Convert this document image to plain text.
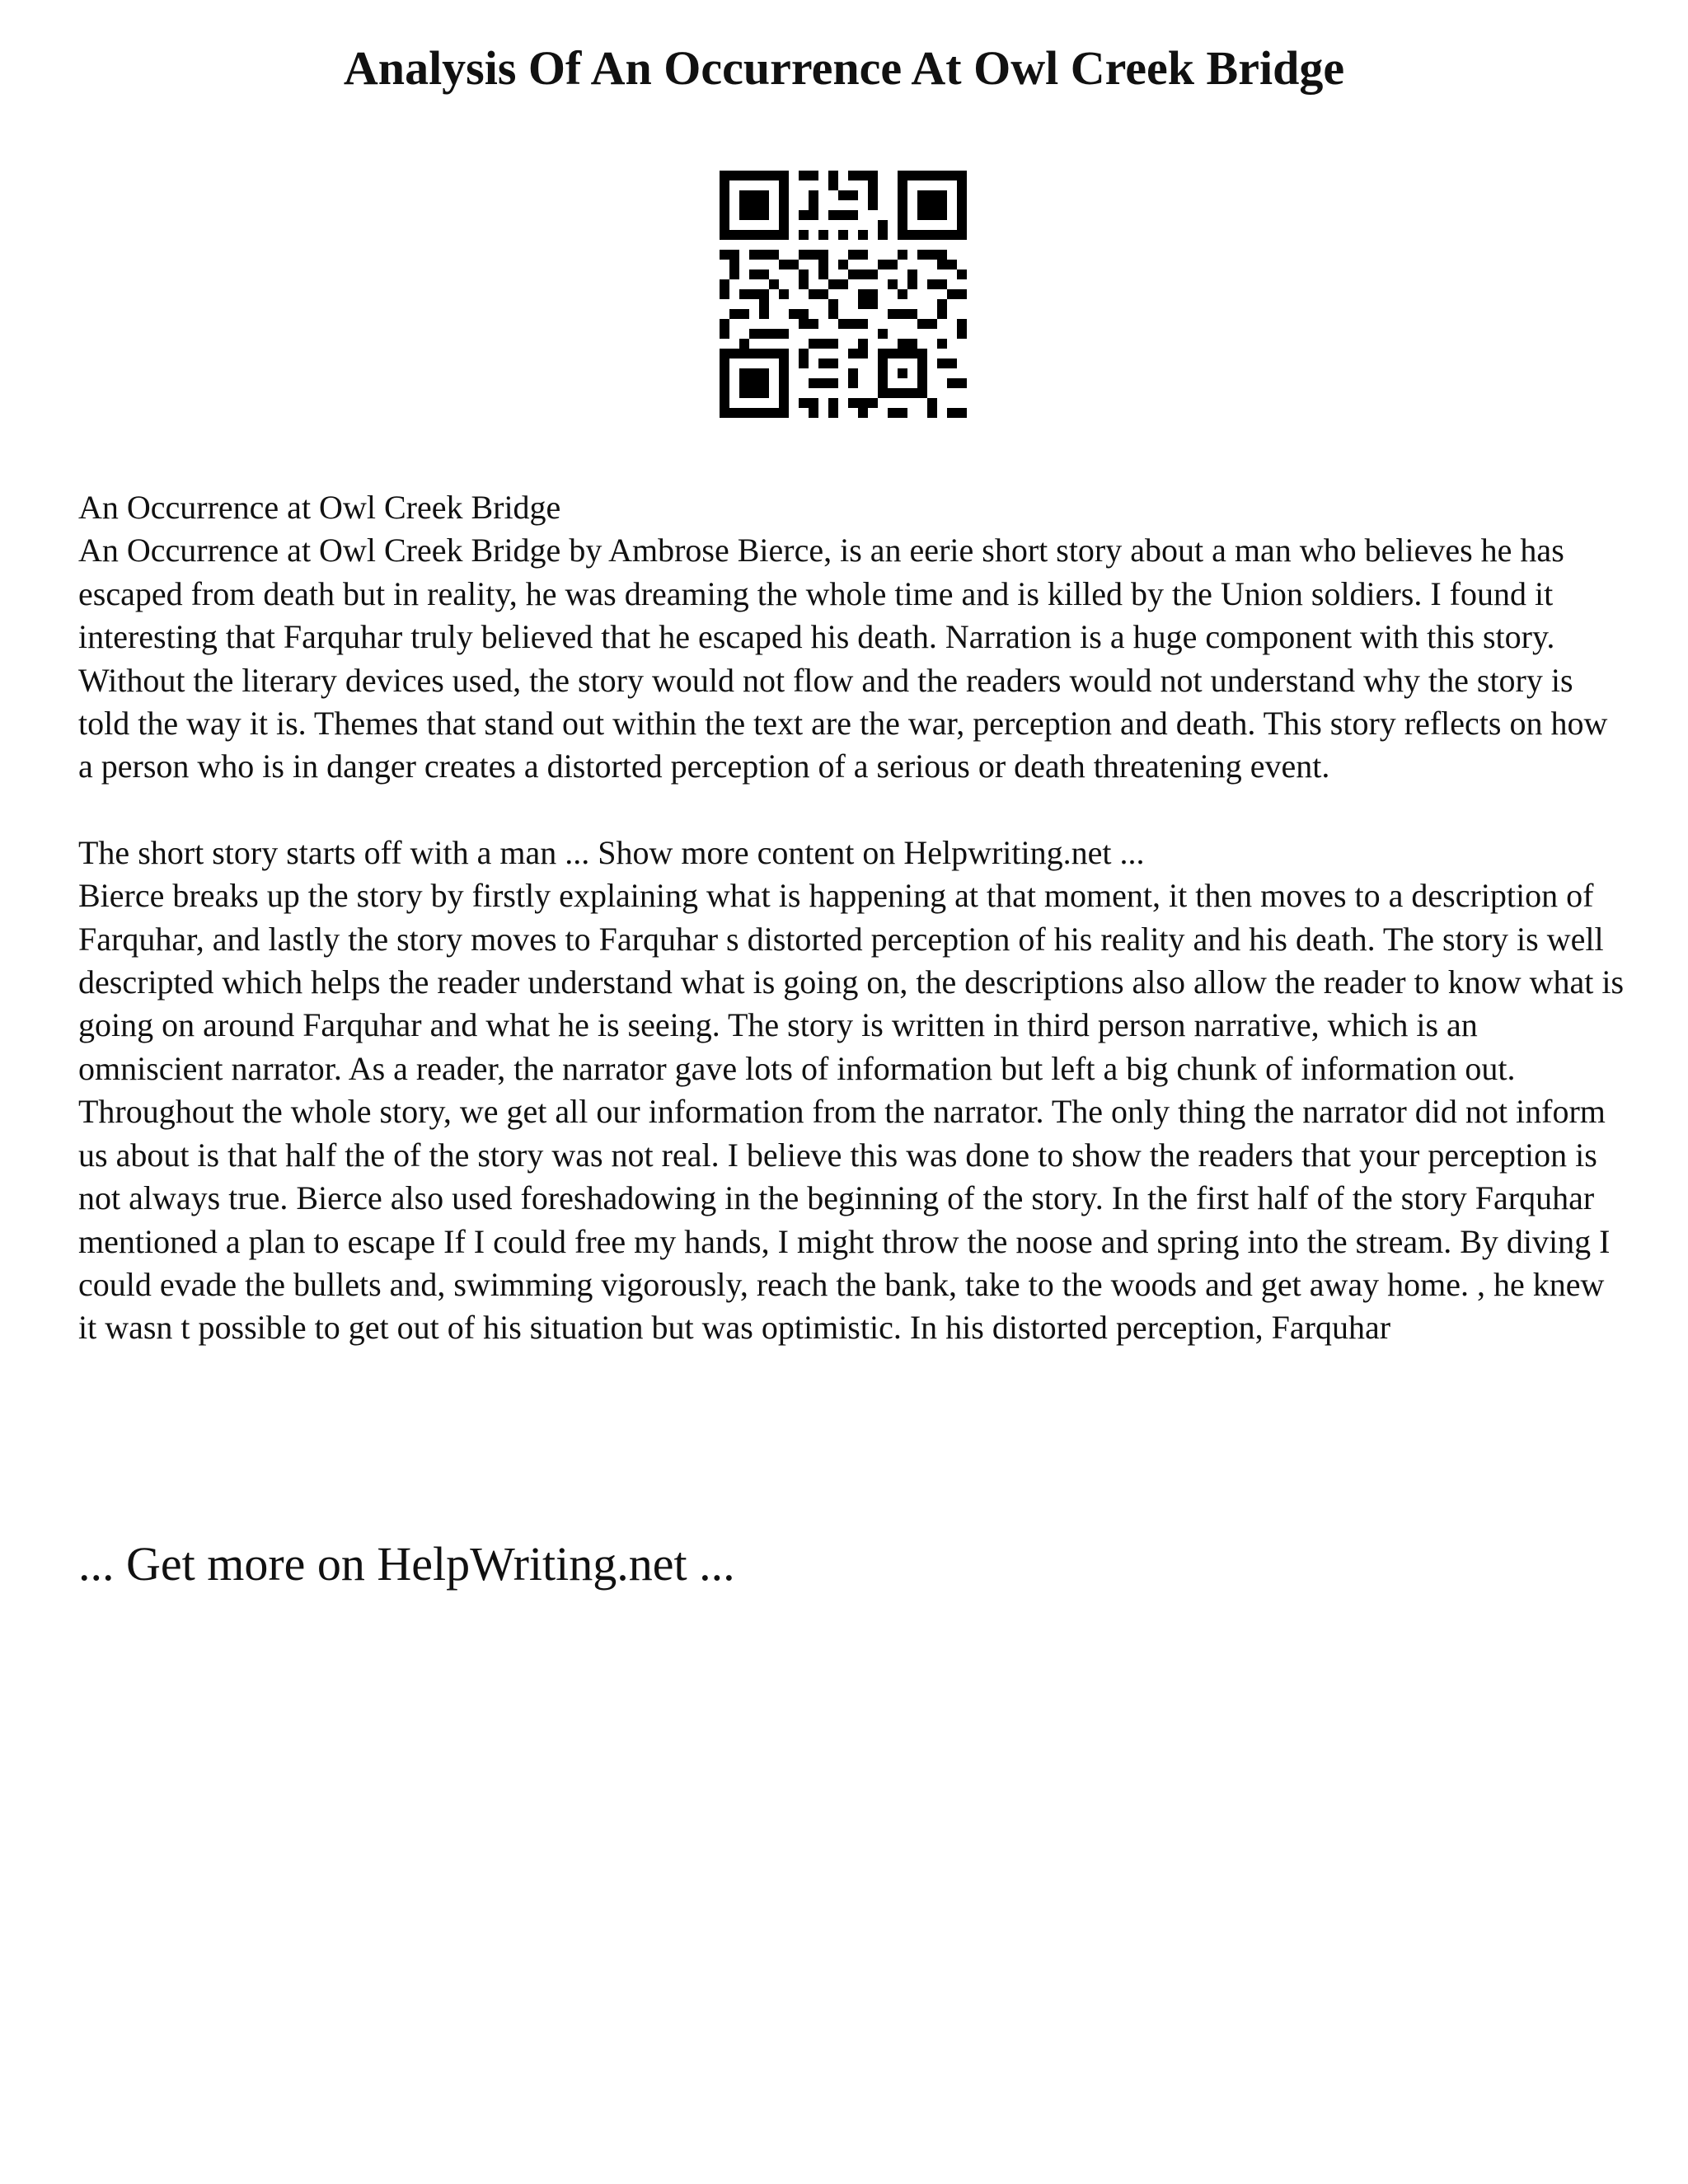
Analysis Of An Occurrence At Owl Creek Bridge

An Occurrence at Owl Creek Bridge

An Occurrence at Owl Creek Bridge by Ambrose Bierce, is an eerie short story about a man who believes he has escaped from death but in reality, he was dreaming the whole time and is killed by the Union soldiers. I found it interesting that Farquhar truly believed that he escaped his death. Narration is a huge component with this story. Without the literary devices used, the story would not flow and the readers would not understand why the story is told the way it is. Themes that stand out within the text are the war, perception and death. This story reflects on how a person who is in danger creates a distorted perception of a serious or death threatening event.

The short story starts off with a man ... Show more content on Helpwriting.net ...

Bierce breaks up the story by firstly explaining what is happening at that moment, it then moves to a description of Farquhar, and lastly the story moves to Farquhar s distorted perception of his reality and his death. The story is well descripted which helps the reader understand what is going on, the descriptions also allow the reader to know what is going on around Farquhar and what he is seeing. The story is written in third person narrative, which is an omniscient narrator. As a reader, the narrator gave lots of information but left a big chunk of information out. Throughout the whole story, we get all our information from the narrator. The only thing the narrator did not inform us about is that half the of the story was not real. I believe this was done to show the readers that your perception is not always true. Bierce also used foreshadowing in the beginning of the story. In the first half of the story Farquhar mentioned a plan to escape If I could free my hands, I might throw the noose and spring into the stream. By diving I could evade the bullets and, swimming vigorously, reach the bank, take to the woods and get away home. , he knew it wasn t possible to get out of his situation but was optimistic. In his distorted perception, Farquhar

... Get more on HelpWriting.net ...
